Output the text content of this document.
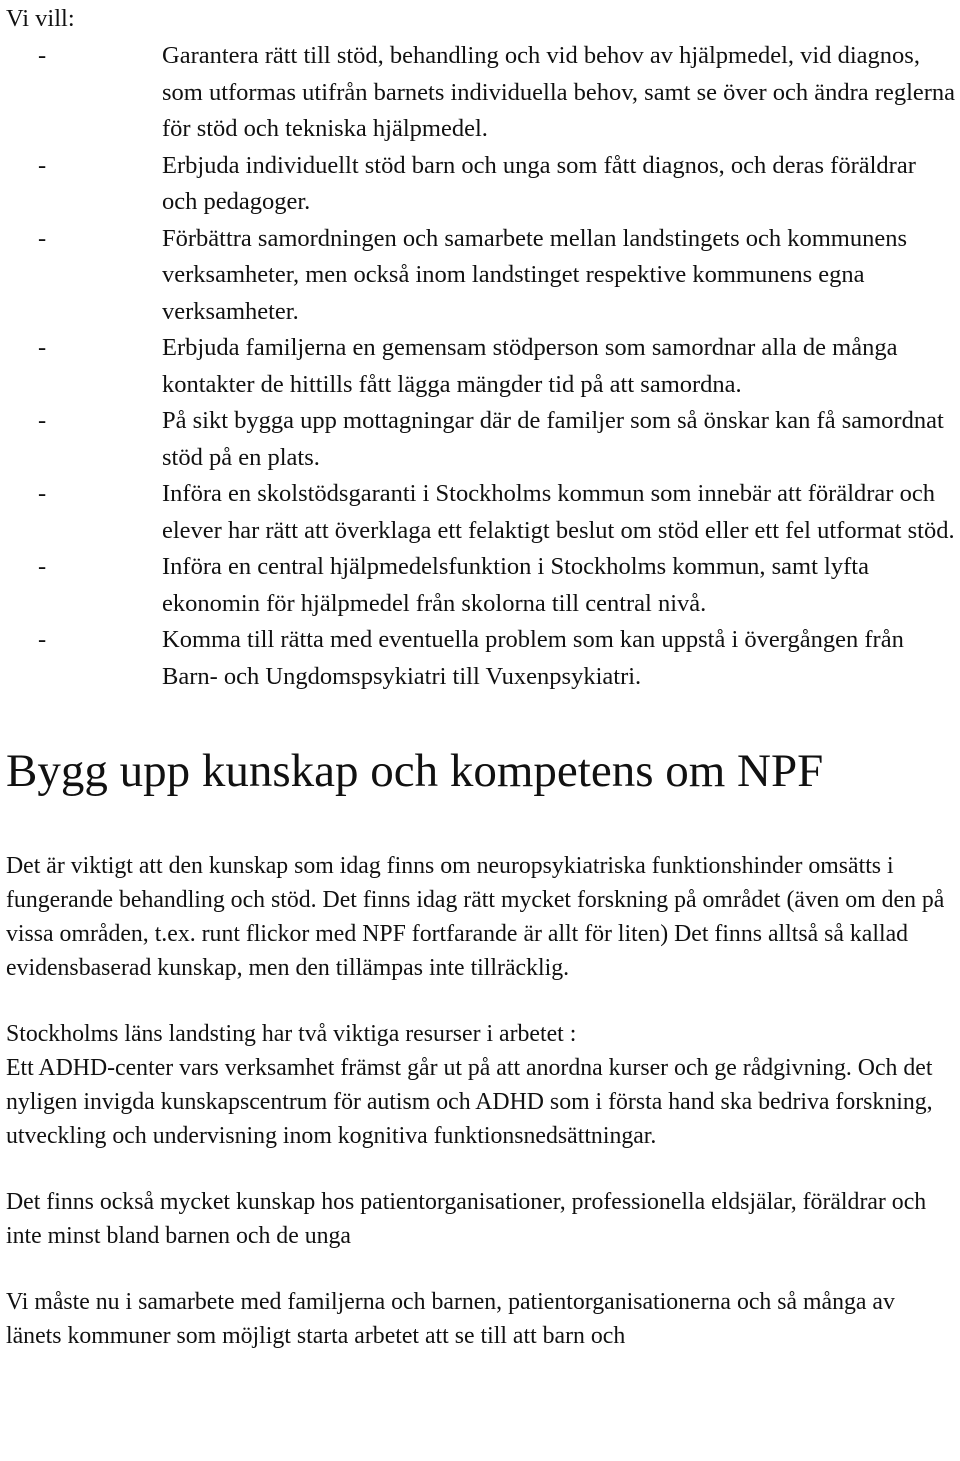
Vi vill:

-	Garantera rätt till stöd, behandling och vid behov av hjälpmedel, vid diagnos, som utformas utifrån barnets individuella behov, samt se över och ändra reglerna för stöd och tekniska hjälpmedel.
-	Erbjuda individuellt stöd barn och unga som fått diagnos, och deras föräldrar och pedagoger.
-	Förbättra samordningen och samarbete mellan landstingets och kommunens verksamheter, men också inom landstinget respektive kommunens egna verksamheter.
-	Erbjuda familjerna en gemensam stödperson som samordnar alla de många kontakter de hittills fått lägga mängder tid på att samordna.
-	På sikt bygga upp mottagningar där de familjer som så önskar kan få samordnat stöd på en plats.
-	Införa en skolstödsgaranti i Stockholms kommun som innebär att föräldrar och elever har rätt att överklaga ett felaktigt beslut om stöd eller ett fel utformat stöd.
-	Införa en central hjälpmedelsfunktion i Stockholms kommun, samt lyfta ekonomin för hjälpmedel från skolorna till central nivå.
-	Komma till rätta med eventuella problem som kan uppstå i övergången från Barn- och Ungdomspsykiatri till Vuxenpsykiatri.
Bygg upp kunskap och kompetens om NPF

Det är viktigt att den kunskap som idag finns om neuropsykiatriska funktionshinder omsätts i fungerande behandling och stöd. Det finns idag rätt mycket forskning på området (även om den på vissa områden, t.ex. runt flickor med NPF fortfarande är allt för liten) Det finns alltså så kallad evidensbaserad kunskap, men den tillämpas inte tillräcklig.

Stockholms läns landsting har två viktiga resurser i arbetet :

Ett ADHD-center vars verksamhet främst går ut på att anordna kurser och ge rådgivning. Och det nyligen invigda kunskapscentrum för autism och ADHD som i första hand ska bedriva forskning, utveckling och undervisning inom kognitiva funktionsnedsättningar.

Det finns också mycket kunskap hos patientorganisationer, professionella eldsjälar, föräldrar och inte minst bland barnen och de unga

Vi måste nu i samarbete med familjerna och barnen, patientorganisationerna och så många av länets kommuner som möjligt starta arbetet att se till att barn och
